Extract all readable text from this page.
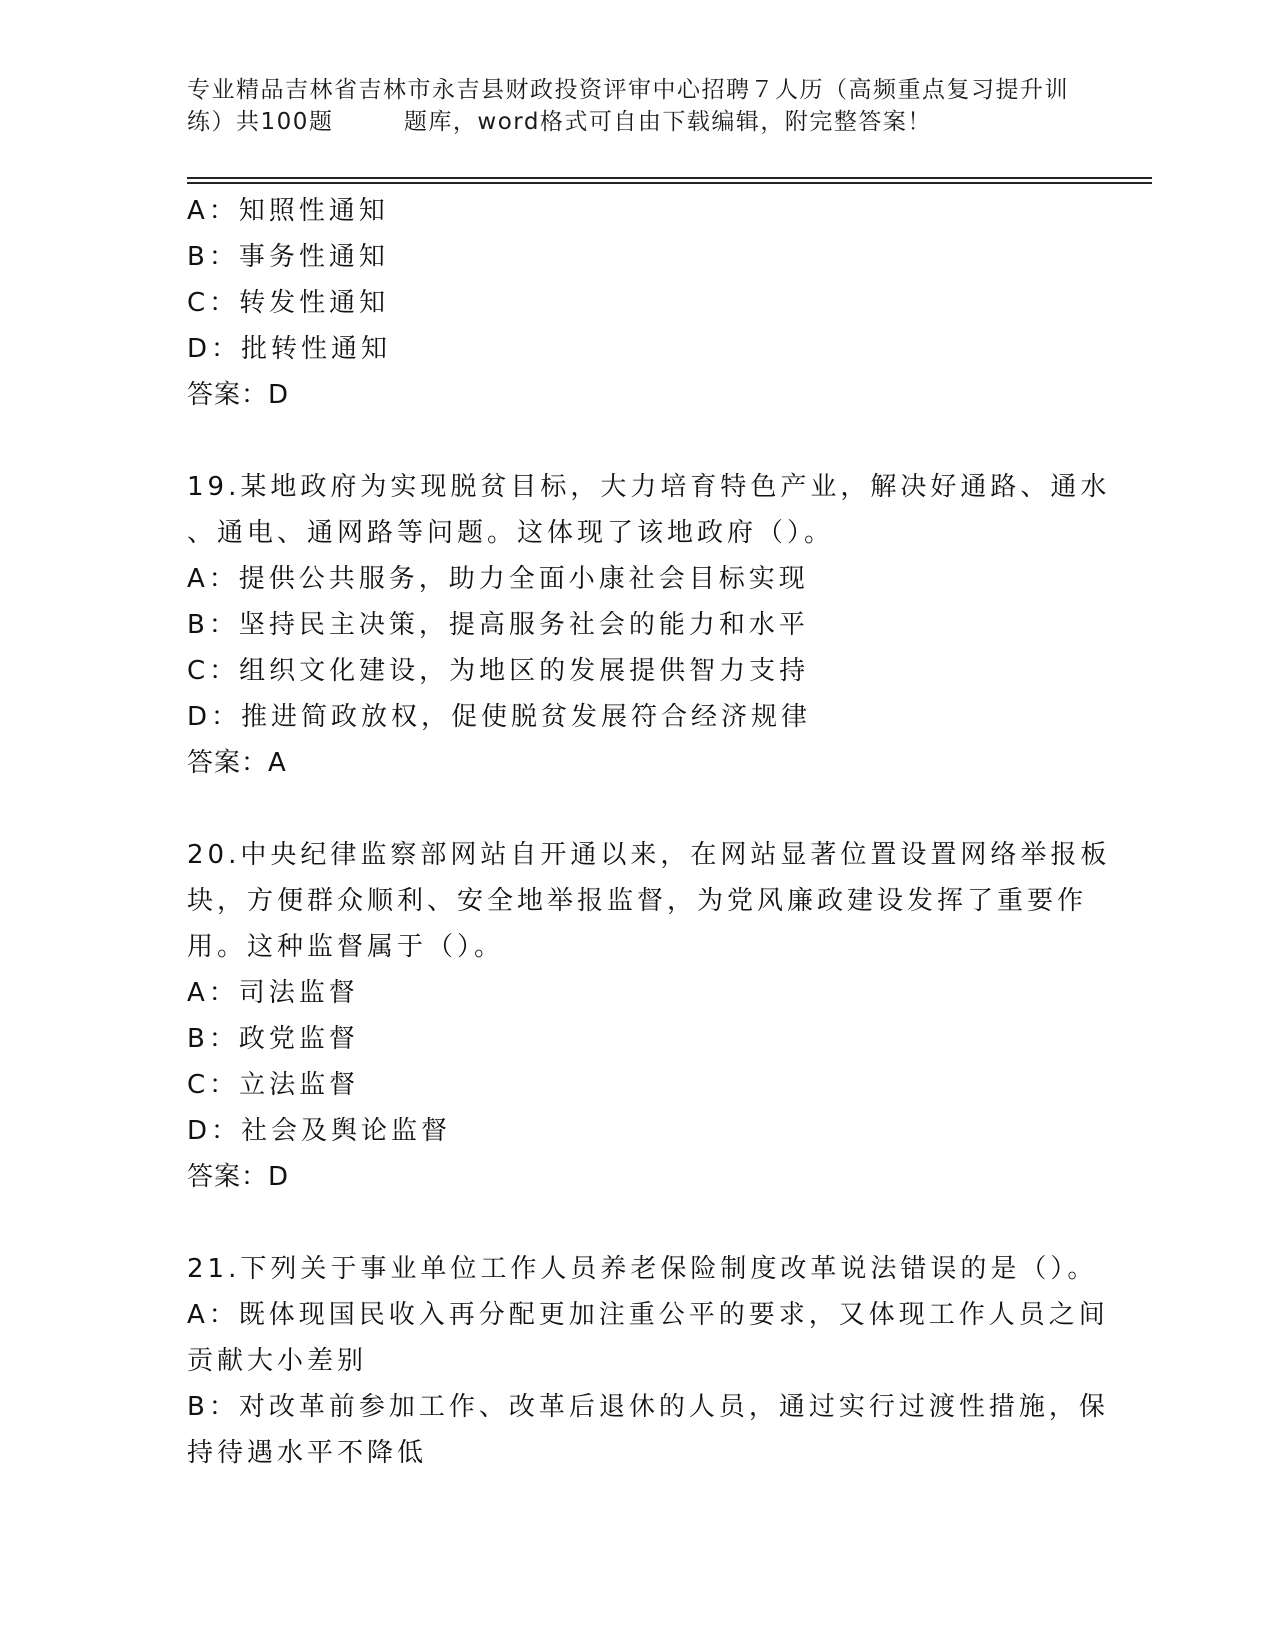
专业精品吉林省吉林市永吉县财政投资评审中心招聘７人历（高频重点复习提升训
练）共100题        题库，word格式可自由下载编辑，附完整答案！
A：知照性通知
B：事务性通知
C：转发性通知
D：批转性通知
答案：D
19.某地政府为实现脱贫目标，大力培育特色产业，解决好通路、通水
、通电、通网路等问题。这体现了该地政府（）。
A：提供公共服务，助力全面小康社会目标实现
B：坚持民主决策，提高服务社会的能力和水平
C：组织文化建设，为地区的发展提供智力支持
D：推进简政放权，促使脱贫发展符合经济规律
答案：A
20.中央纪律监察部网站自开通以来，在网站显著位置设置网络举报板
块，方便群众顺利、安全地举报监督，为党风廉政建设发挥了重要作
用。这种监督属于（）。
A：司法监督
B：政党监督
C：立法监督
D：社会及舆论监督
答案：D
21.下列关于事业单位工作人员养老保险制度改革说法错误的是（）。
A：既体现国民收入再分配更加注重公平的要求，又体现工作人员之间
贡献大小差别
B：对改革前参加工作、改革后退休的人员，通过实行过渡性措施，保
持待遇水平不降低
